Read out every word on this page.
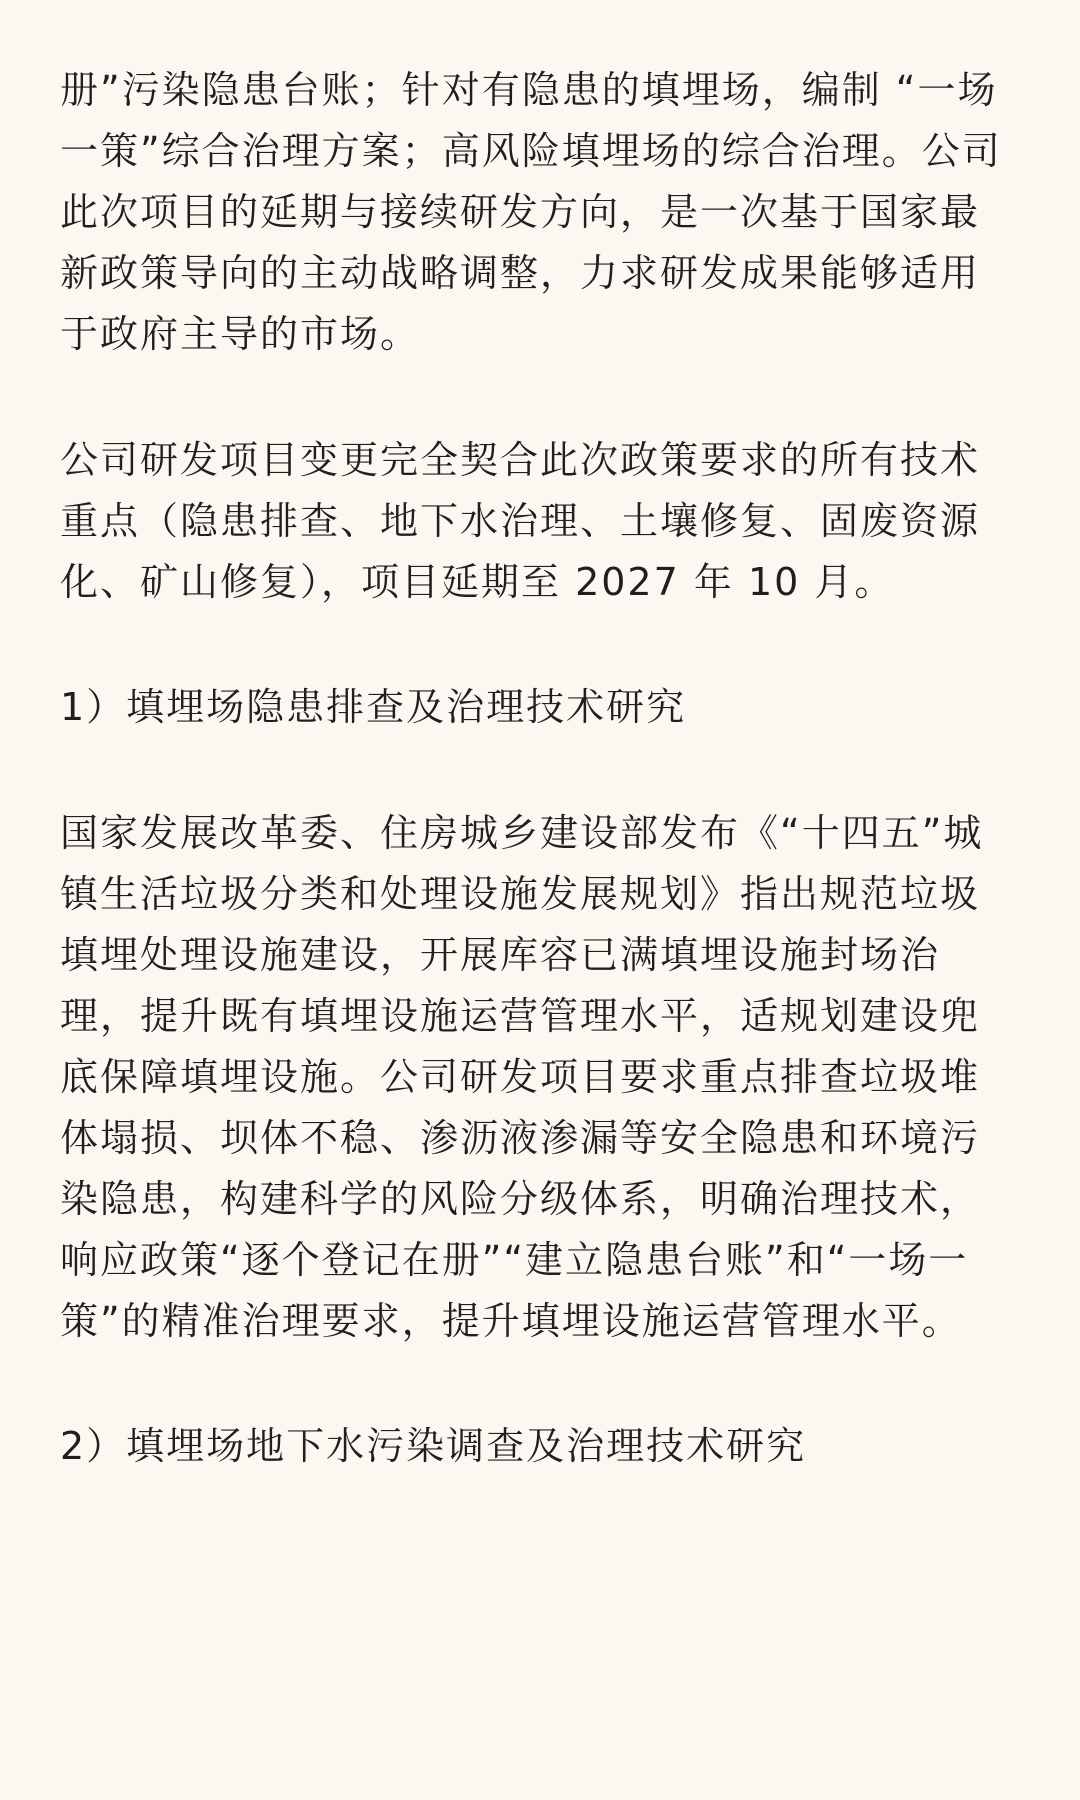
册”污染隐患台账；针对有隐患的填埋场，编制 “一场
一策”综合治理方案；高风险填埋场的综合治理。公司
此次项目的延期与接续研发方向，是一次基于国家最
新政策导向的主动战略调整，力求研发成果能够适用
于政府主导的市场。
公司研发项目变更完全契合此次政策要求的所有技术
重点（隐患排查、地下水治理、土壤修复、固废资源
化、矿山修复），项目延期至 2027 年 10 月。
1）填埋场隐患排查及治理技术研究
国家发展改革委、住房城乡建设部发布《“十四五”城
镇生活垃圾分类和处理设施发展规划》指出规范垃圾
填埋处理设施建设，开展库容已满填埋设施封场治
理，提升既有填埋设施运营管理水平，适规划建设兜
底保障填埋设施。公司研发项目要求重点排查垃圾堆
体塌损、坝体不稳、渗沥液渗漏等安全隐患和环境污
染隐患，构建科学的风险分级体系，明确治理技术，
响应政策“逐个登记在册”“建立隐患台账”和“一场一
策”的精准治理要求，提升填埋设施运营管理水平。
2）填埋场地下水污染调查及治理技术研究
